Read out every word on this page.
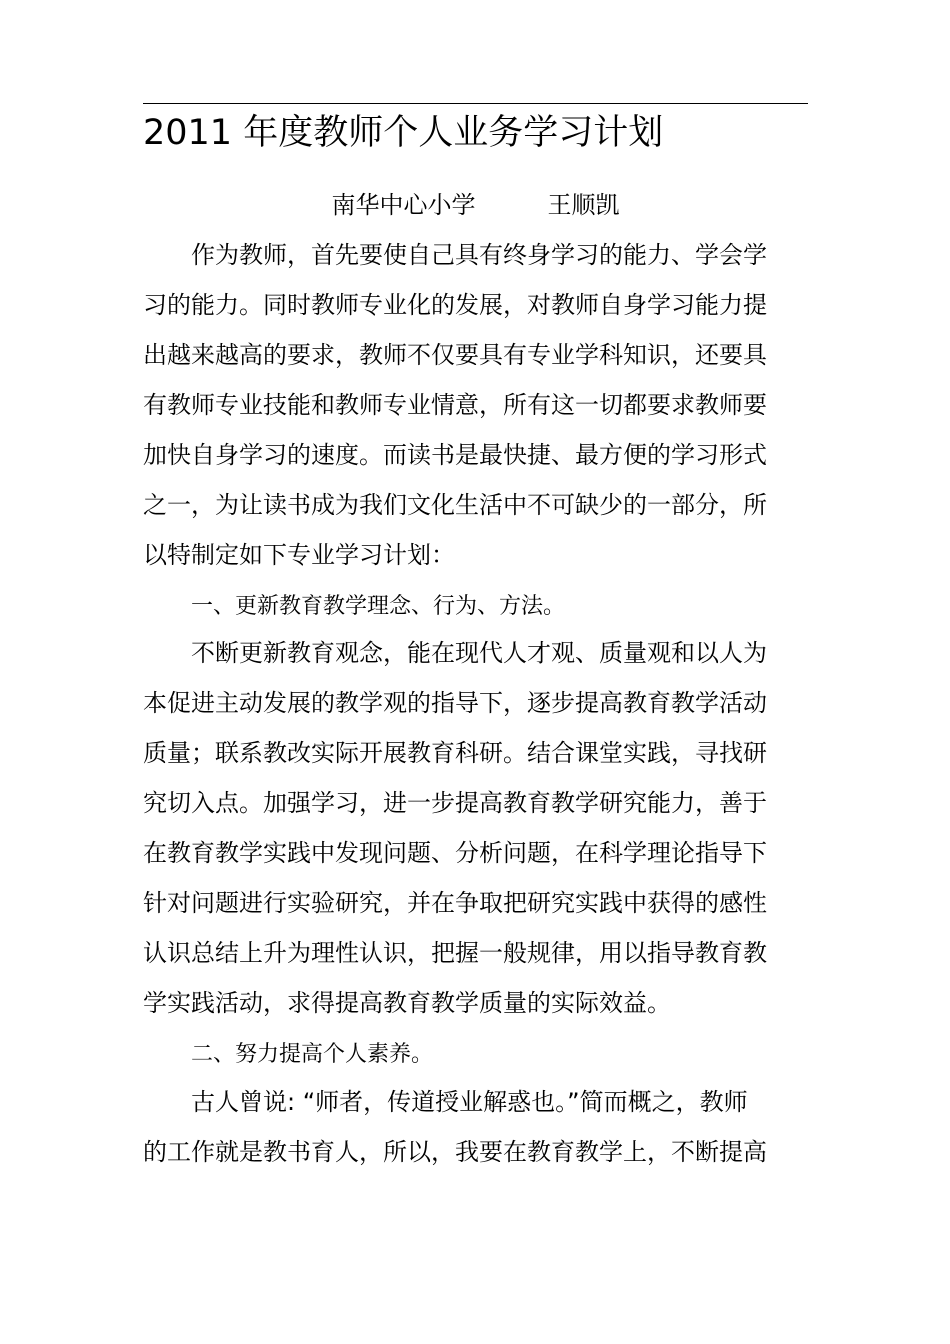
2011 年度教师个人业务学习计划
南华中心小学	王顺凯
作为教师，首先要使自己具有终身学习的能力、学会学
习的能力。同时教师专业化的发展，对教师自身学习能力提
出越来越高的要求，教师不仅要具有专业学科知识，还要具
有教师专业技能和教师专业情意，所有这一切都要求教师要
加快自身学习的速度。而读书是最快捷、最方便的学习形式
之一，为让读书成为我们文化生活中不可缺少的一部分，所
以特制定如下专业学习计划：
一、更新教育教学理念、行为、方法。
不断更新教育观念，能在现代人才观、质量观和以人为
本促进主动发展的教学观的指导下，逐步提高教育教学活动
质量；联系教改实际开展教育科研。结合课堂实践，寻找研
究切入点。加强学习，进一步提高教育教学研究能力，善于
在教育教学实践中发现问题、分析问题，在科学理论指导下
针对问题进行实验研究，并在争取把研究实践中获得的感性
认识总结上升为理性认识，把握一般规律，用以指导教育教
学实践活动，求得提高教育教学质量的实际效益。
二、努力提高个人素养。
古人曾说: “师者，传道授业解惑也。”简而概之，教师
的工作就是教书育人，所以，我要在教育教学上，不断提高
